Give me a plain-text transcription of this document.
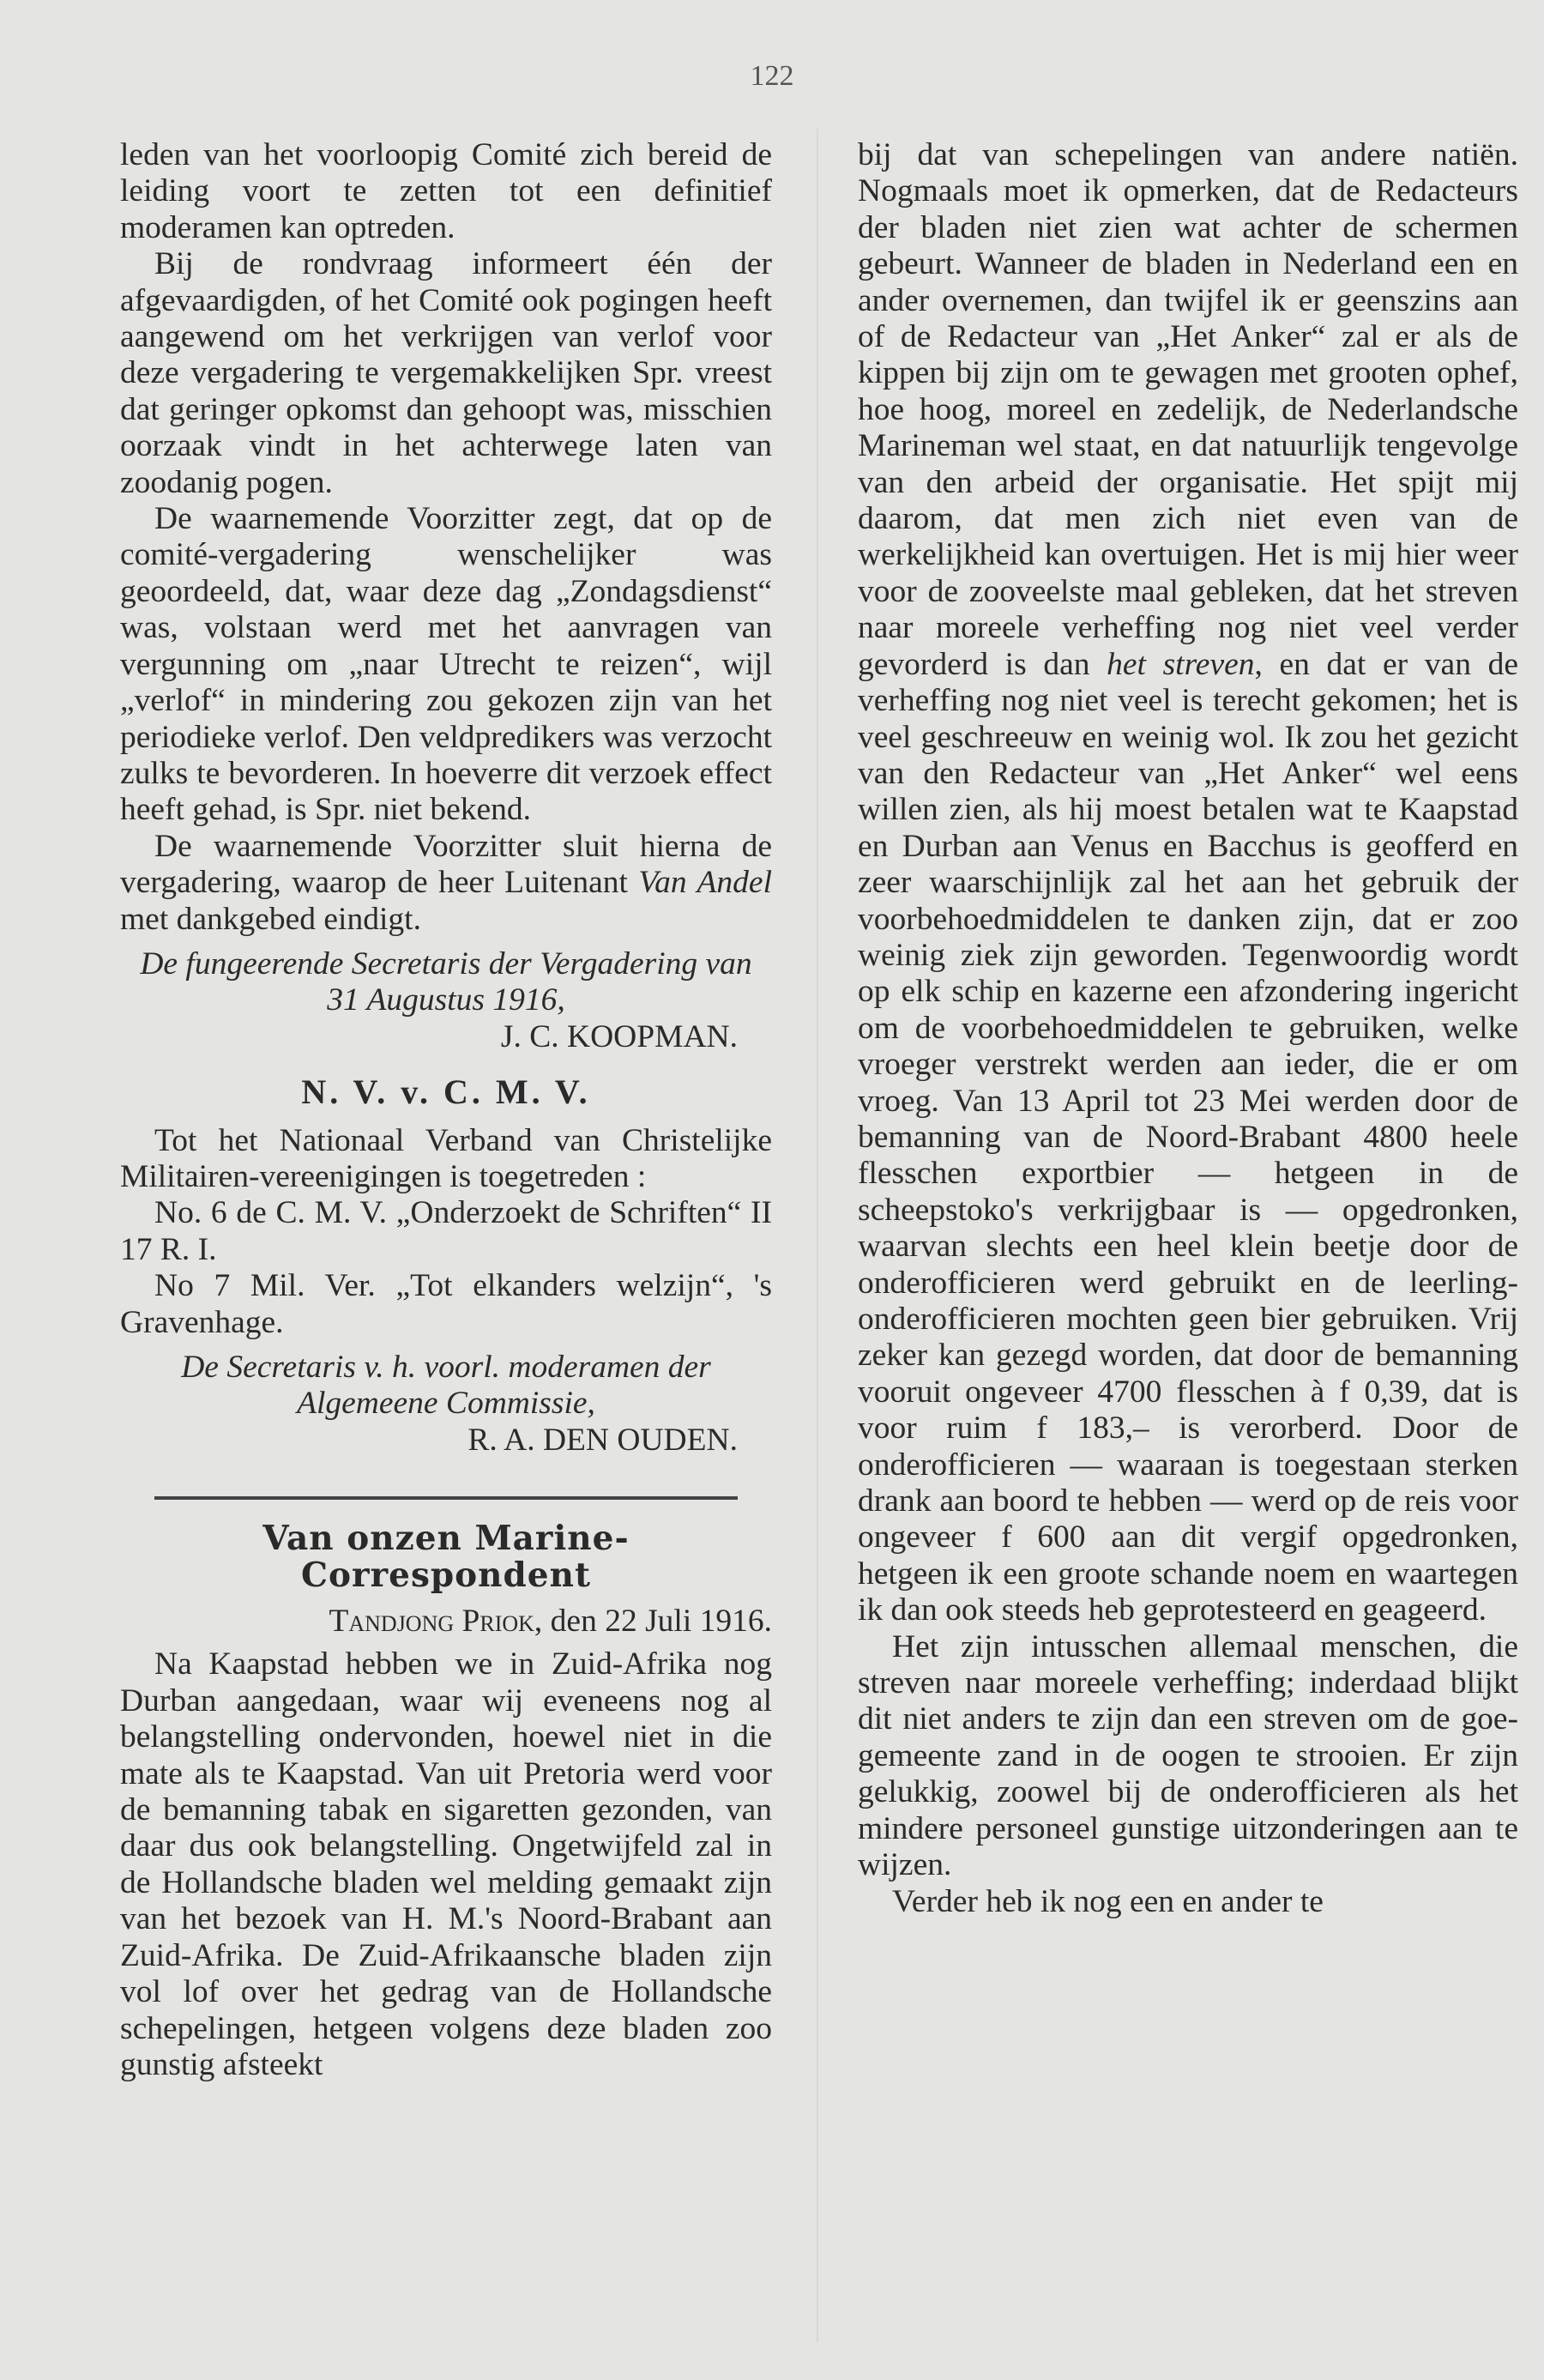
122

leden van het voorloopig Comité zich bereid de leiding voort te zetten tot een definitief moderamen kan optreden.

Bij de rondvraag informeert één der afgevaardigden, of het Comité ook pogingen heeft aangewend om het verkrijgen van verlof voor deze vergadering te vergemakkelijken Spr. vreest dat geringer opkomst dan gehoopt was, misschien oorzaak vindt in het achterwege laten van zoodanig pogen.

De waarnemende Voorzitter zegt, dat op de comité-vergadering wenschelijker was geoordeeld, dat, waar deze dag „Zondagsdienst“ was, volstaan werd met het aanvragen van vergunning om „naar Utrecht te reizen“, wijl „verlof“ in mindering zou gekozen zijn van het periodieke verlof. Den veldpredikers was verzocht zulks te bevorderen. In hoeverre dit verzoek effect heeft gehad, is Spr. niet bekend.

De waarnemende Voorzitter sluit hierna de vergadering, waarop de heer Luitenant Van Andel met dankgebed eindigt.

De fungeerende Secretaris der Vergadering van 31 Augustus 1916,

J. C. KOOPMAN.

N. V. v. C. M. V.

Tot het Nationaal Verband van Christelijke Militairen-vereenigingen is toegetreden :

No. 6 de C. M. V. „Onderzoekt de Schriften“ II 17 R. I.

No 7 Mil. Ver. „Tot elkanders welzijn“, 's Gravenhage.

De Secretaris v. h. voorl. moderamen der Algemeene Commissie,

R. A. DEN OUDEN.

Van onzen Marine-Correspondent

Tandjong Priok, den 22 Juli 1916.

Na Kaapstad hebben we in Zuid-Afrika nog Durban aangedaan, waar wij eveneens nog al belangstelling ondervonden, hoewel niet in die mate als te Kaapstad. Van uit Pretoria werd voor de bemanning tabak en sigaretten gezonden, van daar dus ook belangstelling. Ongetwijfeld zal in de Hollandsche bladen wel melding gemaakt zijn van het bezoek van H. M.'s Noord-Brabant aan Zuid-Afrika. De Zuid-Afrikaansche bladen zijn vol lof over het gedrag van de Hollandsche schepelingen, hetgeen volgens deze bladen zoo gunstig afsteekt

bij dat van schepelingen van andere natiën. Nogmaals moet ik opmerken, dat de Redacteurs der bladen niet zien wat achter de schermen gebeurt. Wanneer de bladen in Nederland een en ander overnemen, dan twijfel ik er geenszins aan of de Redacteur van „Het Anker“ zal er als de kippen bij zijn om te gewagen met grooten ophef, hoe hoog, moreel en zedelijk, de Nederlandsche Marineman wel staat, en dat natuurlijk tengevolge van den arbeid der organisatie. Het spijt mij daarom, dat men zich niet even van de werkelijkheid kan overtuigen. Het is mij hier weer voor de zooveelste maal gebleken, dat het streven naar moreele verheffing nog niet veel verder gevorderd is dan het streven, en dat er van de verheffing nog niet veel is terecht gekomen; het is veel geschreeuw en weinig wol. Ik zou het gezicht van den Redacteur van „Het Anker“ wel eens willen zien, als hij moest betalen wat te Kaapstad en Durban aan Venus en Bacchus is geofferd en zeer waarschijnlijk zal het aan het gebruik der voorbehoedmiddelen te danken zijn, dat er zoo weinig ziek zijn geworden. Tegenwoordig wordt op elk schip en kazerne een afzondering ingericht om de voorbehoedmiddelen te gebruiken, welke vroeger verstrekt werden aan ieder, die er om vroeg. Van 13 April tot 23 Mei werden door de bemanning van de Noord-Brabant 4800 heele flesschen exportbier — hetgeen in de scheepstoko's verkrijgbaar is — opgedronken, waarvan slechts een heel klein beetje door de onderofficieren werd gebruikt en de leerling-onderofficieren mochten geen bier gebruiken. Vrij zeker kan gezegd worden, dat door de bemanning vooruit ongeveer 4700 flesschen à f 0,39, dat is voor ruim f 183,– is verorberd. Door de onderofficieren — waaraan is toegestaan sterken drank aan boord te hebben — werd op de reis voor ongeveer f 600 aan dit vergif opgedronken, hetgeen ik een groote schande noem en waartegen ik dan ook steeds heb geprotesteerd en geageerd.

Het zijn intusschen allemaal menschen, die streven naar moreele verheffing; inderdaad blijkt dit niet anders te zijn dan een streven om de goe-gemeente zand in de oogen te strooien. Er zijn gelukkig, zoowel bij de onderofficieren als het mindere personeel gunstige uitzonderingen aan te wijzen.

Verder heb ik nog een en ander te
